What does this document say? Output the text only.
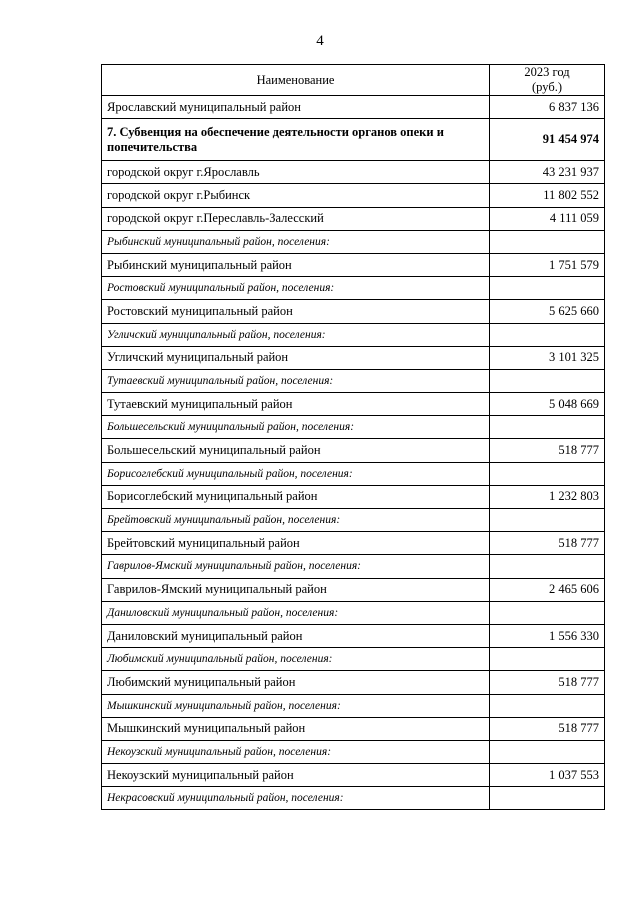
4
Наименование	2023 год
(руб.)

Ярославский муниципальный район	6 837 136
7. Субвенция на обеспечение деятельности органов опеки и попечительства	91 454 974
городской округ г.Ярославль	43 231 937
городской округ г.Рыбинск	11 802 552
городской округ г.Переславль-Залесский	4 111 059
Рыбинский муниципальный район, поселения:	
Рыбинский муниципальный район	1 751 579
Ростовский муниципальный район, поселения:	
Ростовский муниципальный район	5 625 660
Угличский муниципальный район, поселения:	
Угличский муниципальный район	3 101 325
Тутаевский муниципальный район, поселения:	
Тутаевский муниципальный район	5 048 669
Большесельский муниципальный район, поселения:	
Большесельский муниципальный район	518 777
Борисоглебский муниципальный район, поселения:	
Борисоглебский муниципальный район	1 232 803
Брейтовский муниципальный район, поселения:	
Брейтовский муниципальный район	518 777
Гаврилов-Ямский муниципальный район, поселения:	
Гаврилов-Ямский муниципальный район	2 465 606
Даниловский муниципальный район, поселения:	
Даниловский муниципальный район	1 556 330
Любимский муниципальный район, поселения:	
Любимский муниципальный район	518 777
Мышкинский муниципальный район, поселения:	
Мышкинский муниципальный район	518 777
Некоузский муниципальный район, поселения:	
Некоузский муниципальный район	1 037 553
Некрасовский муниципальный район, поселения:	
